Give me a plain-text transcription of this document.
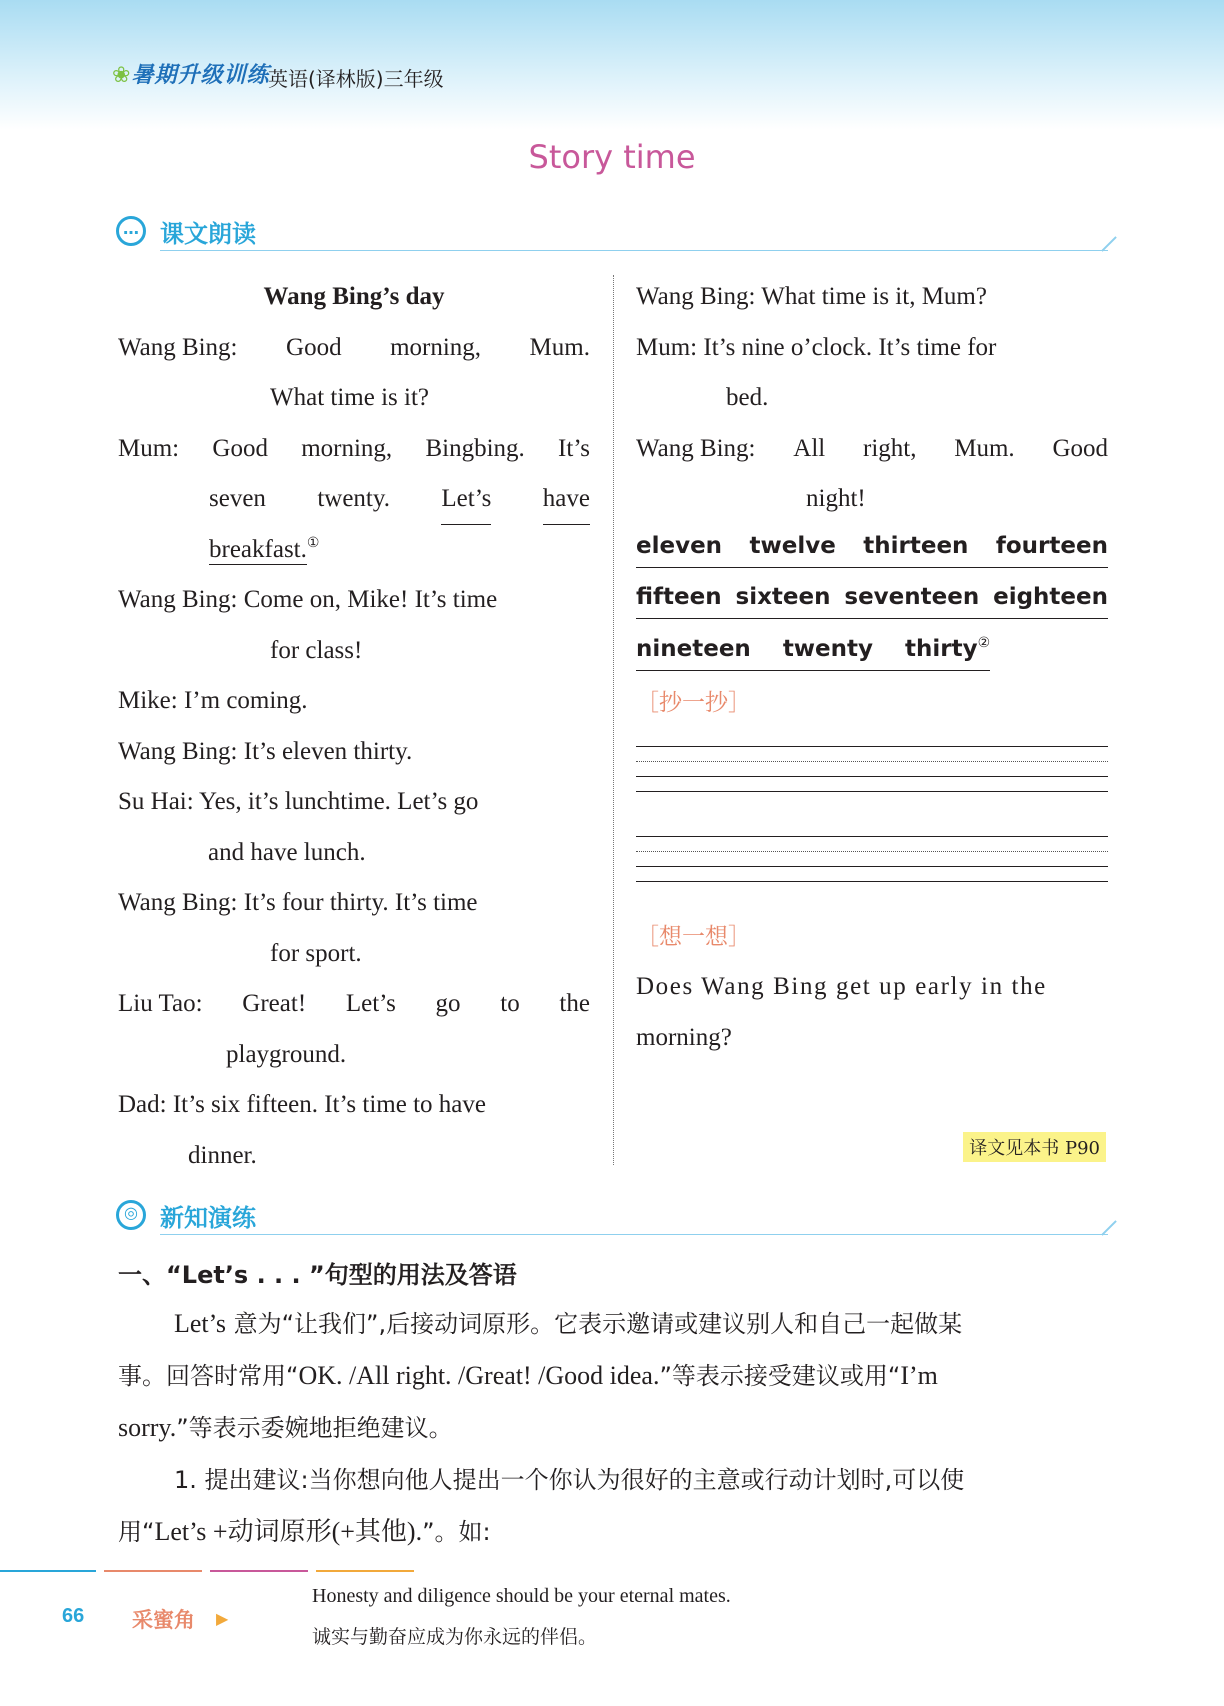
❀暑期升级训练
英语(译林版)三年级
Story time
… 课文朗读
Wang Bing’s day
Wang Bing: Good morning, Mum.
What time is it?
Mum: Good morning, Bingbing. It’s
seven twenty. Let’s have
breakfast.①
Wang Bing: Come on, Mike! It’s time
for class!
Mike: I’m coming.
Wang Bing: It’s eleven thirty.
Su Hai: Yes, it’s lunchtime. Let’s go
and have lunch.
Wang Bing: It’s four thirty. It’s time
for sport.
Liu Tao: Great! Let’s go to the
playground.
Dad: It’s six fifteen. It’s time to have
dinner.
Wang Bing: What time is it, Mum?
Mum: It’s nine o’clock. It’s time for
bed.
Wang Bing: All right, Mum. Good
night!
eleven twelve thirteen fourteen
fifteen sixteen seventeen eighteen
nineteen twenty thirty②
［抄一抄］
［想一想］
Does Wang Bing get up early in the
morning?
译文见本书 P90
◎ 新知演练
一、“Let’s . . . ”句型的用法及答语
Let’s 意为“让我们”,后接动词原形。它表示邀请或建议别人和自己一起做某
事。回答时常用“OK. /All right. /Great! /Good idea.”等表示接受建议或用“I’m
sorry.”等表示委婉地拒绝建议。
1. 提出建议:当你想向他人提出一个你认为很好的主意或行动计划时,可以使
用“Let’s +动词原形(+其他).”。如:
66 采蜜角 ▶
Honesty and diligence should be your eternal mates.
诚实与勤奋应成为你永远的伴侣。
